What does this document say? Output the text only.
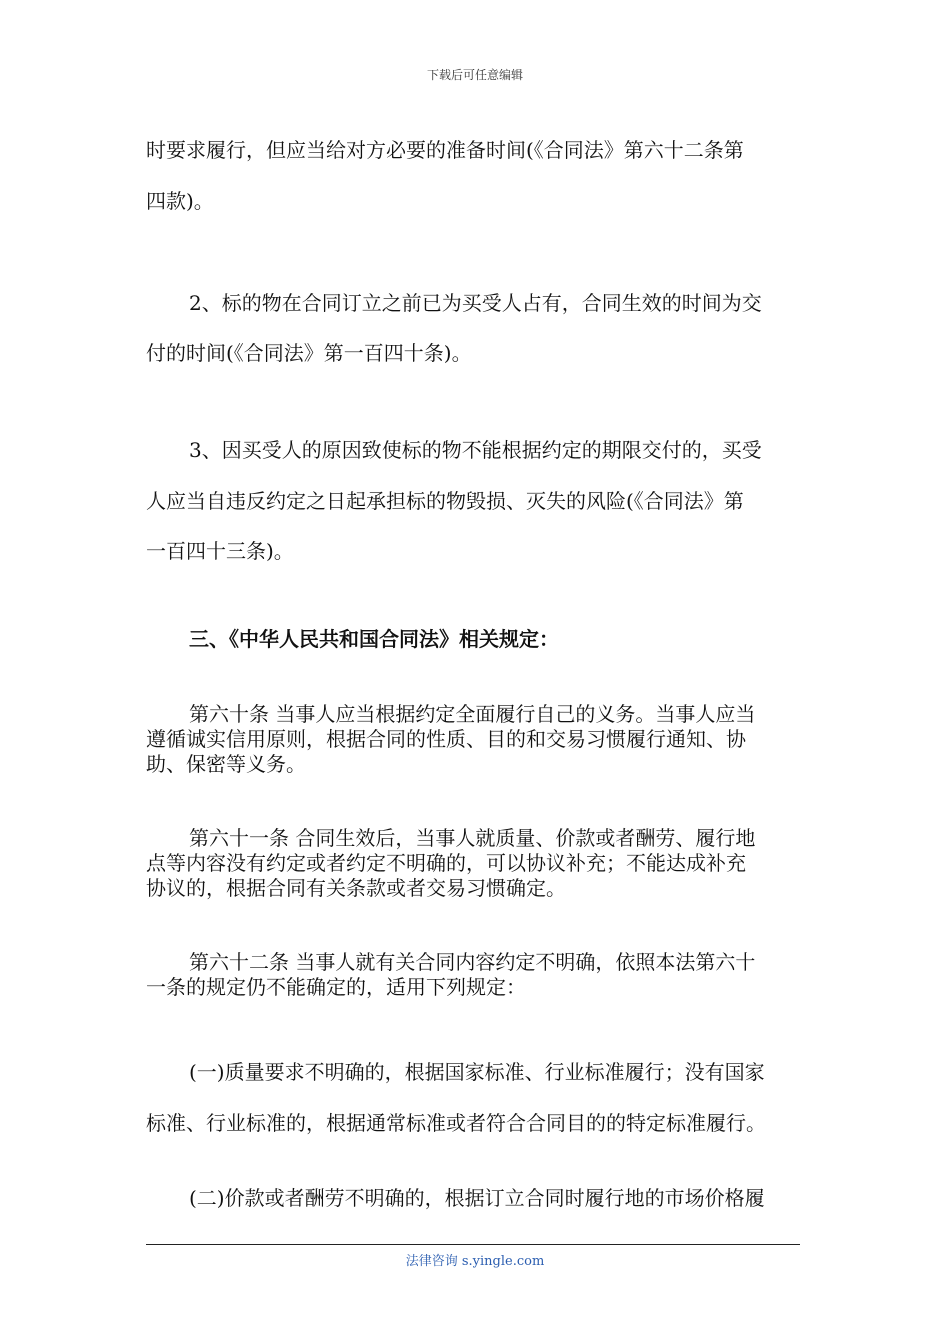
下载后可任意编辑
时要求履行，但应当给对方必要的准备时间(《合同法》第六十二条第
四款)。
2、标的物在合同订立之前已为买受人占有，合同生效的时间为交
付的时间(《合同法》第一百四十条)。
3、因买受人的原因致使标的物不能根据约定的期限交付的，买受
人应当自违反约定之日起承担标的物毁损、灭失的风险(《合同法》第
一百四十三条)。
三、《中华人民共和国合同法》相关规定：
第六十条 当事人应当根据约定全面履行自己的义务。当事人应当
遵循诚实信用原则，根据合同的性质、目的和交易习惯履行通知、协
助、保密等义务。
第六十一条 合同生效后，当事人就质量、价款或者酬劳、履行地
点等内容没有约定或者约定不明确的，可以协议补充；不能达成补充
协议的，根据合同有关条款或者交易习惯确定。
第六十二条 当事人就有关合同内容约定不明确，依照本法第六十
一条的规定仍不能确定的，适用下列规定：
(一)质量要求不明确的，根据国家标准、行业标准履行；没有国家
标准、行业标准的，根据通常标准或者符合合同目的的特定标准履行。
(二)价款或者酬劳不明确的，根据订立合同时履行地的市场价格履
法律咨询 s.yingle.com
